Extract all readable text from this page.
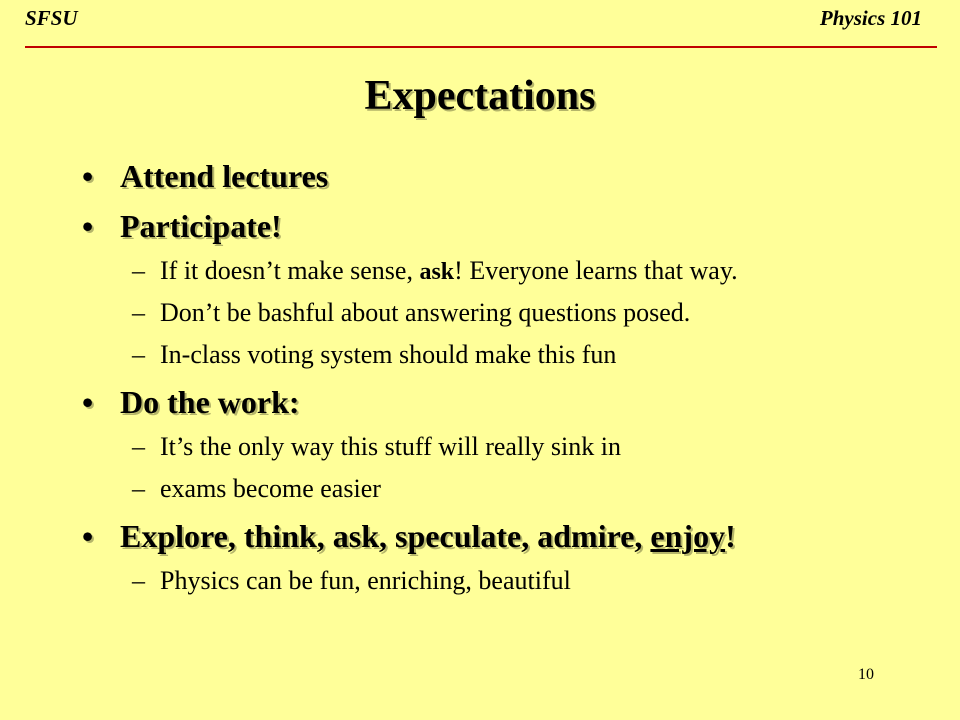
SFSU	Physics 101
Expectations
• Attend lectures
• Participate!
– If it doesn’t make sense, ask! Everyone learns that way.
– Don’t be bashful about answering questions posed.
– In-class voting system should make this fun
• Do the work:
– It’s the only way this stuff will really sink in
– exams become easier
• Explore, think, ask, speculate, admire, enjoy!
– Physics can be fun, enriching, beautiful
10
